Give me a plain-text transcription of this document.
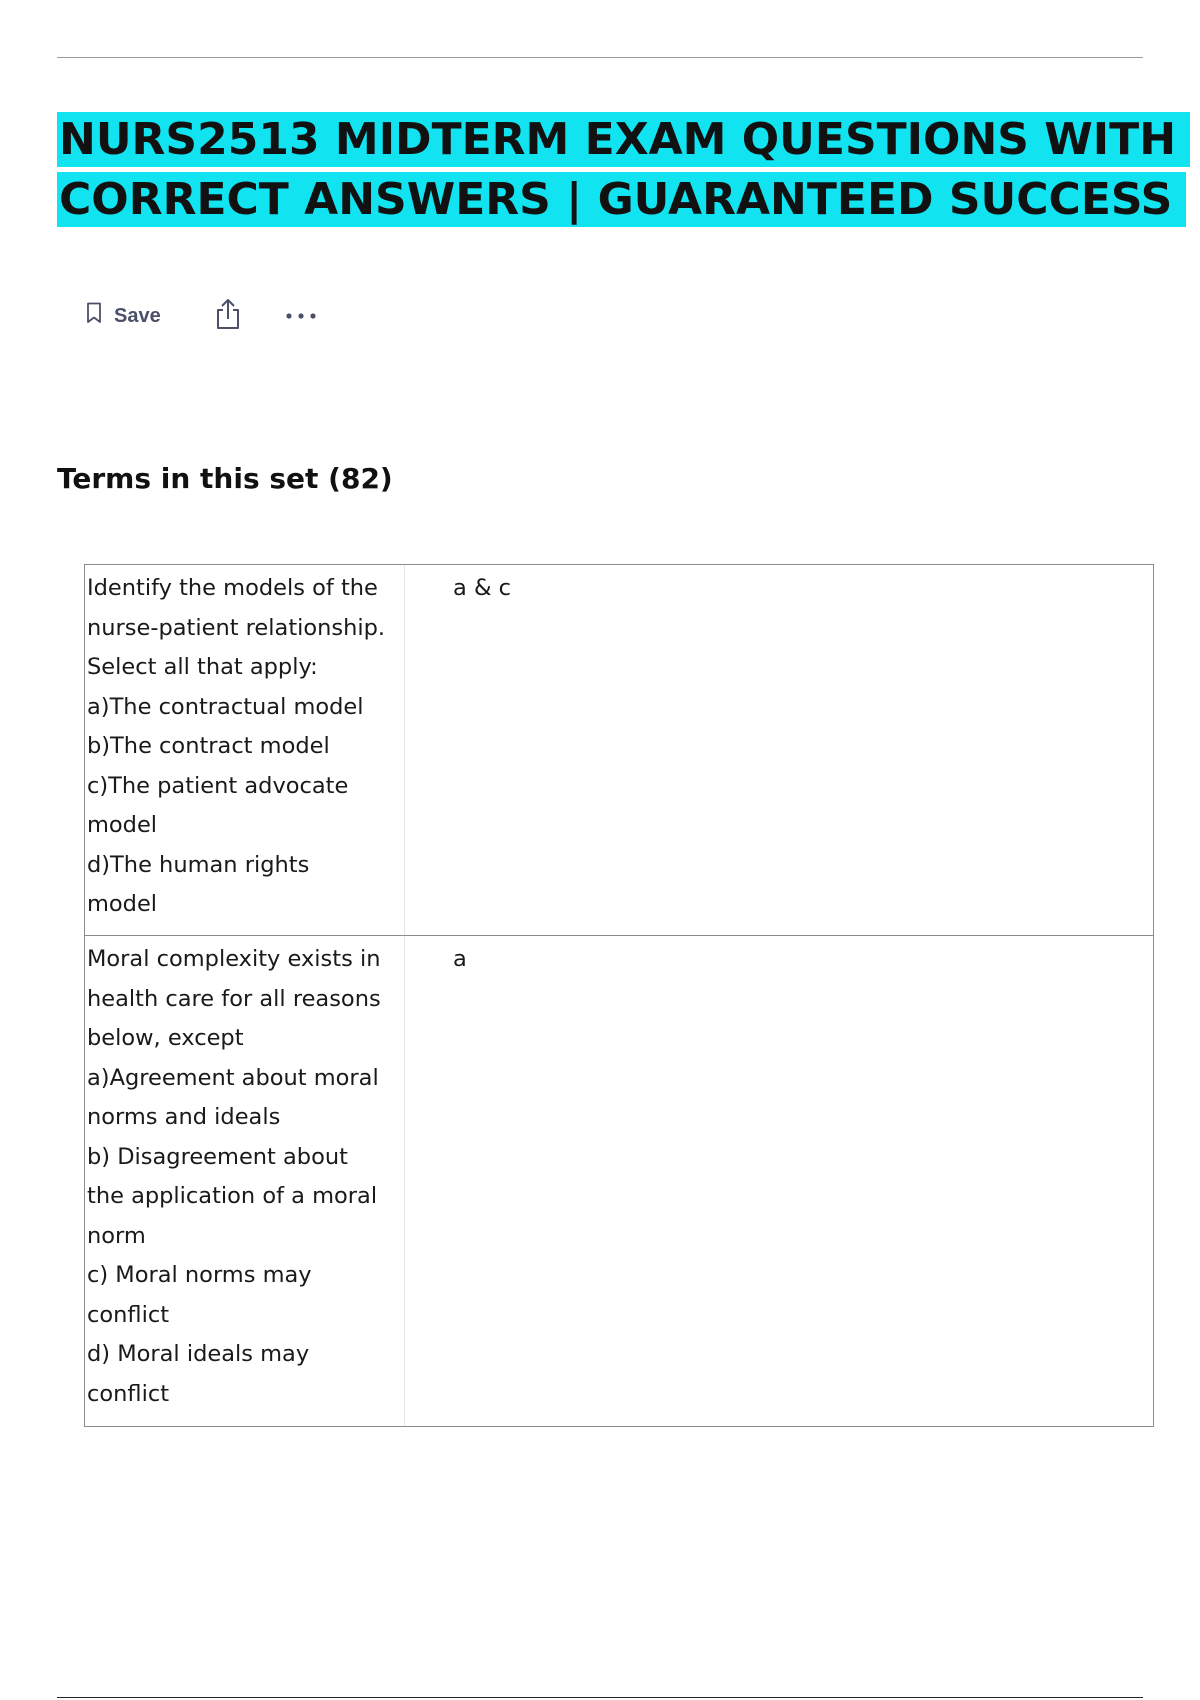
NURS2513 MIDTERM EXAM QUESTIONS WITH
CORRECT ANSWERS | GUARANTEED SUCCESS
Save
Terms in this set (82)
Identify the models of the
nurse-patient relationship.
Select all that apply:
a)The contractual model
b)The contract model
c)The patient advocate
model
d)The human rights
model
a & c
Moral complexity exists in
health care for all reasons
below, except
a)Agreement about moral
norms and ideals
b) Disagreement about
the application of a moral
norm
c) Moral norms may
conflict
d) Moral ideals may
conflict
a
